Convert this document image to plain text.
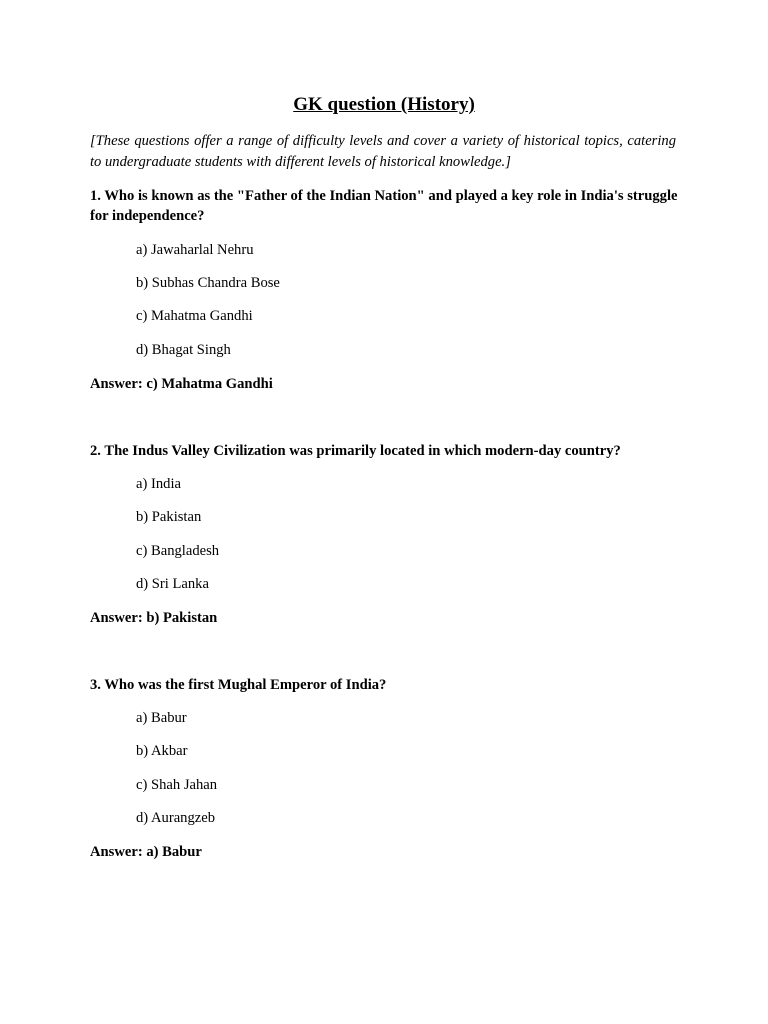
GK question (History)
[These questions offer a range of difficulty levels and cover a variety of historical topics, catering to undergraduate students with different levels of historical knowledge.]
1. Who is known as the "Father of the Indian Nation" and played a key role in India's struggle for independence?
a) Jawaharlal Nehru
b) Subhas Chandra Bose
c) Mahatma Gandhi
d) Bhagat Singh
Answer: c) Mahatma Gandhi
2. The Indus Valley Civilization was primarily located in which modern-day country?
a) India
b) Pakistan
c) Bangladesh
d) Sri Lanka
Answer: b) Pakistan
3. Who was the first Mughal Emperor of India?
a) Babur
b) Akbar
c) Shah Jahan
d) Aurangzeb
Answer: a) Babur
